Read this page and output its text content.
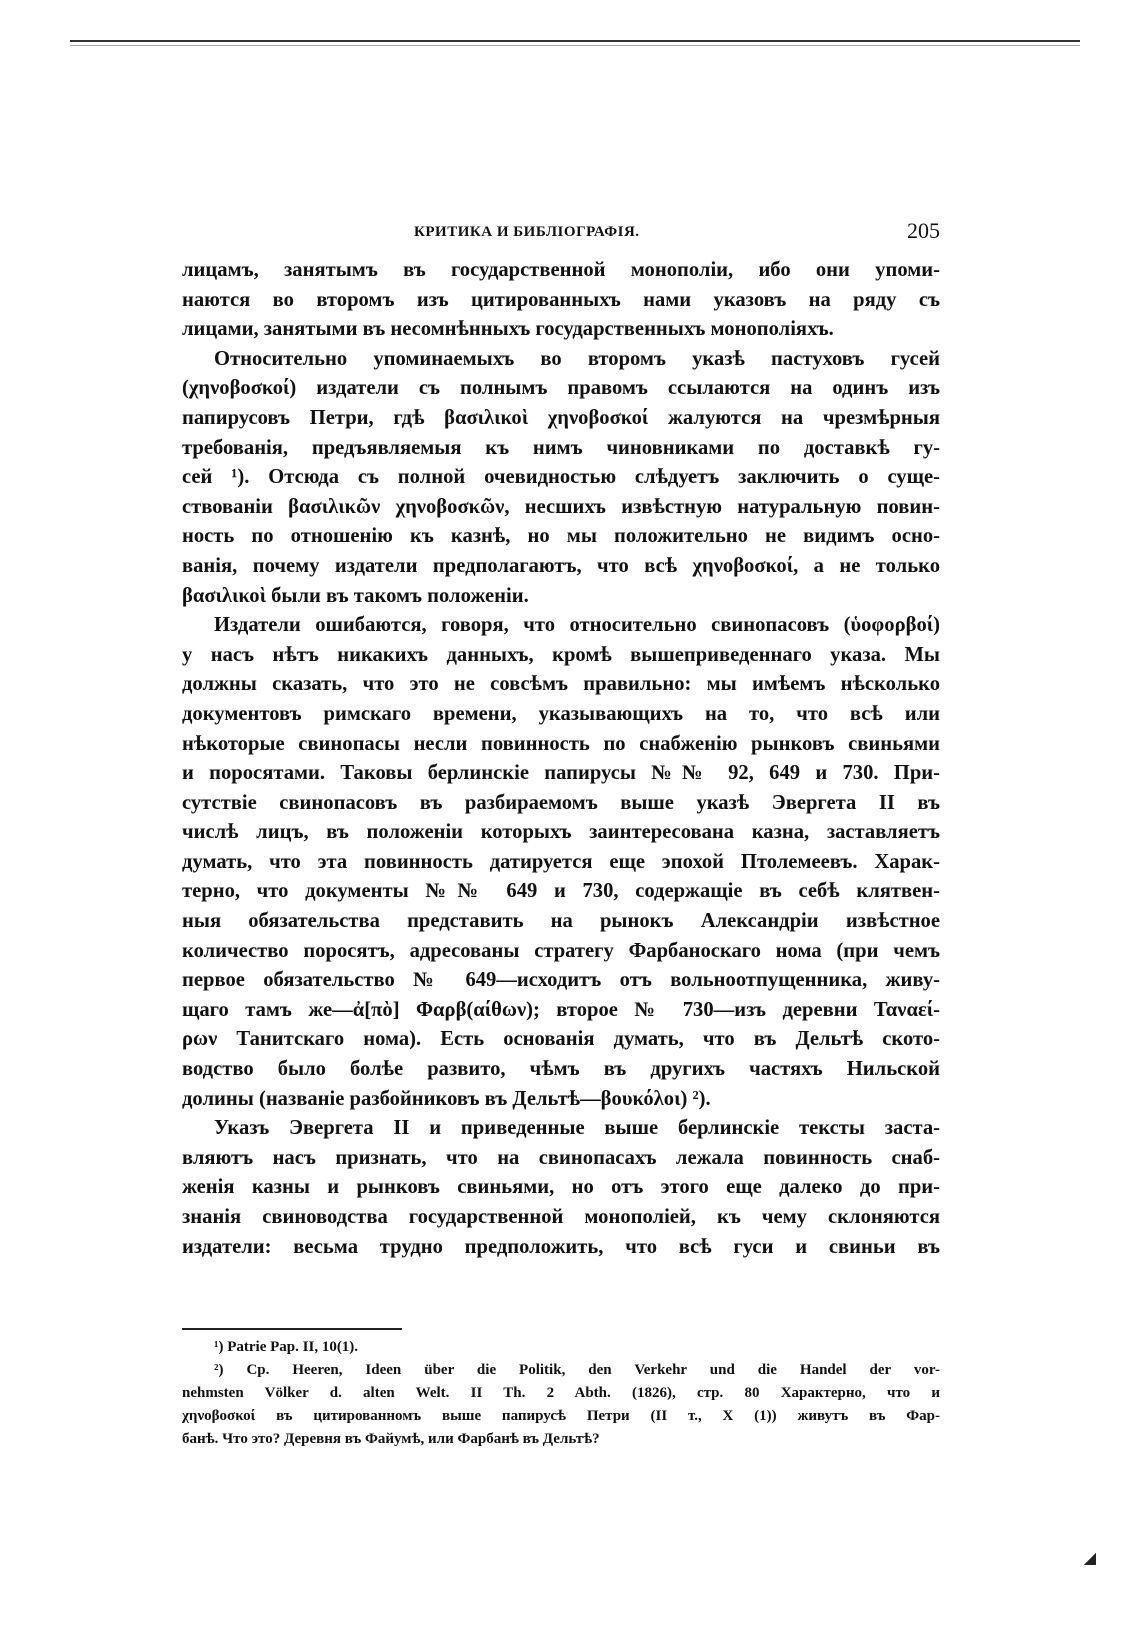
КРИТИКА И БИБЛІОГРАФІЯ.	205
лицамъ, занятымъ въ государственной монополіи, ибо они упоми-
наются во второмъ изъ цитированныхъ нами указовъ на ряду съ
лицами, занятыми въ несомнѣнныхъ государственныхъ монополіяхъ.
Относительно упоминаемыхъ во второмъ указѣ пастуховъ гусей
(χηνοβοσκοί) издатели съ полнымъ правомъ ссылаются на одинъ изъ
папирусовъ Петри, гдѣ βασιλικοὶ χηνοβοσκοί жалуются на чрезмѣрныя
требованія, предъявляемыя къ нимъ чиновниками по доставкѣ гу-
сей ¹). Отсюда съ полной очевидностью слѣдуетъ заключить о суще-
ствованіи βασιλικῶν χηνοβοσκῶν, несшихъ извѣстную натуральную повин-
ность по отношенію къ казнѣ, но мы положительно не видимъ осно-
ванія, почему издатели предполагаютъ, что всѣ χηνοβοσκοί, а не только
βασιλικοὶ были въ такомъ положеніи.
Издатели ошибаются, говоря, что относительно свинопасовъ (ὑοφορβοί)
у насъ нѣтъ никакихъ данныхъ, кромѣ вышеприведеннаго указа. Мы
должны сказать, что это не совсѣмъ правильно: мы имѣемъ нѣсколько
документовъ римскаго времени, указывающихъ на то, что всѣ или
нѣкоторые свинопасы несли повинность по снабженію рынковъ свиньями
и поросятами. Таковы берлинскіе папирусы №№ 92, 649 и 730. При-
сутствіе свинопасовъ въ разбираемомъ выше указѣ Эвергета II въ
числѣ лицъ, въ положеніи которыхъ заинтересована казна, заставляетъ
думать, что эта повинность датируется еще эпохой Птолемеевъ. Харак-
терно, что документы №№ 649 и 730, содержащіе въ себѣ клятвен-
ныя обязательства представить на рынокъ Александріи извѣстное
количество поросятъ, адресованы стратегу Фарбаноскаго нома (при чемъ
первое обязательство № 649—исходитъ отъ вольноотпущенника, живу-
щаго тамъ же—ἀ[πὸ] Φαρβ(αίθων); второе № 730—изъ деревни Ταναεί-
ρων Танитскаго нома). Есть основанія думать, что въ Дельтѣ ското-
водство было болѣе развито, чѣмъ въ другихъ частяхъ Нильской
долины (названіе разбойниковъ въ Дельтѣ—βουκόλοι) ²).
Указъ Эвергета II и приведенные выше берлинскіе тексты заста-
вляютъ насъ признать, что на свинопасахъ лежала повинность снаб-
женія казны и рынковъ свиньями, но отъ этого еще далеко до при-
знанія свиноводства государственной монополіей, къ чему склоняются
издатели: весьма трудно предположить, что всѣ гуси и свиньи въ
¹) Patrie Pap. II, 10(1).
²) Cp. Heeren, Ideen über die Politik, den Verkehr und die Handel der vor-
nehmsten Völker d. alten Welt. II Th. 2 Abth. (1826), стр. 80 Характерно, что и
χηνοβοσκοί въ цитированномъ выше папирусѣ Петри (II т., X (1)) живутъ въ Фар-
банѣ. Что это? Деревня въ Файумѣ, или Фарбанѣ въ Дельтѣ?
◢
